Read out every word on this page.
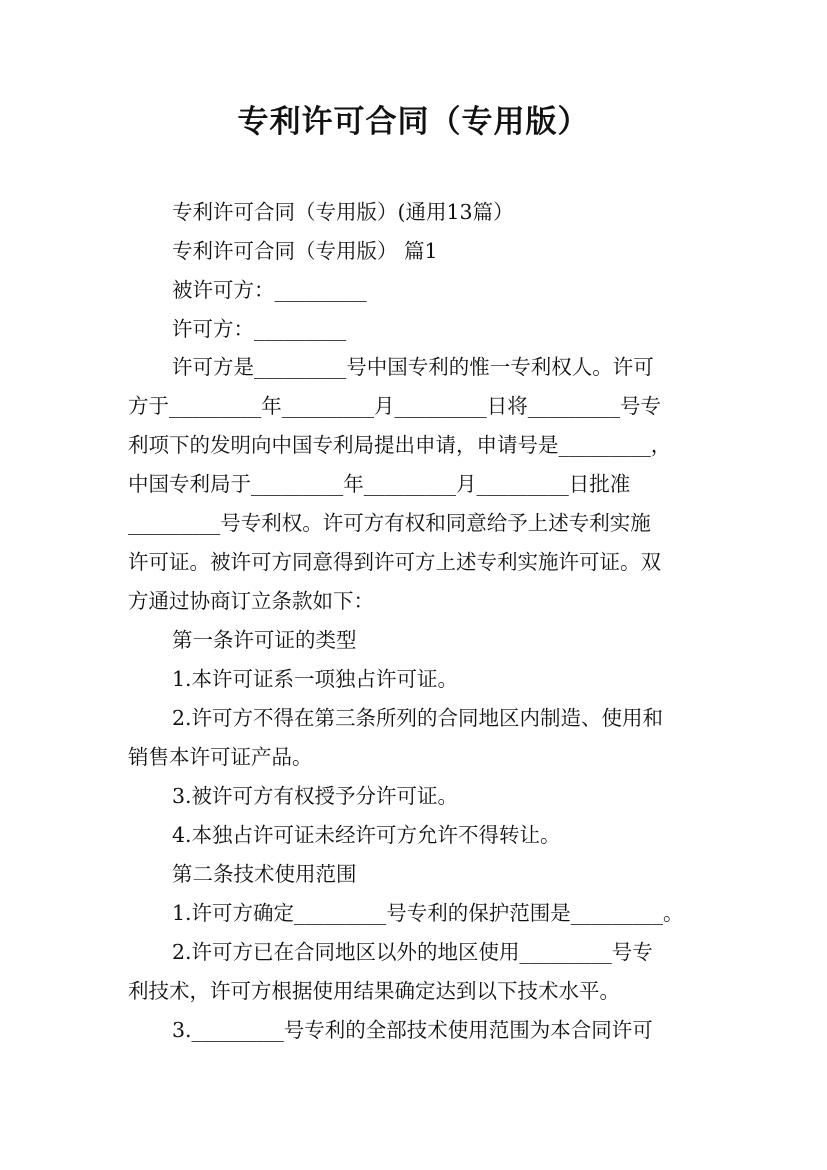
专利许可合同（专用版）
专利许可合同（专用版）(通用13篇）
专利许可合同（专用版） 篇1
被许可方：_________
许可方：_________
许可方是_________号中国专利的惟一专利权人。许可
方于_________年_________月_________日将_________号专
利项下的发明向中国专利局提出申请，申请号是_________，
中国专利局于_________年_________月_________日批准
_________号专利权。许可方有权和同意给予上述专利实施
许可证。被许可方同意得到许可方上述专利实施许可证。双
方通过协商订立条款如下：
第一条许可证的类型
1.本许可证系一项独占许可证。
2.许可方不得在第三条所列的合同地区内制造、使用和
销售本许可证产品。
3.被许可方有权授予分许可证。
4.本独占许可证未经许可方允许不得转让。
第二条技术使用范围
1.许可方确定_________号专利的保护范围是_________。
2.许可方已在合同地区以外的地区使用_________号专
利技术，许可方根据使用结果确定达到以下技术水平。
3._________号专利的全部技术使用范围为本合同许可
